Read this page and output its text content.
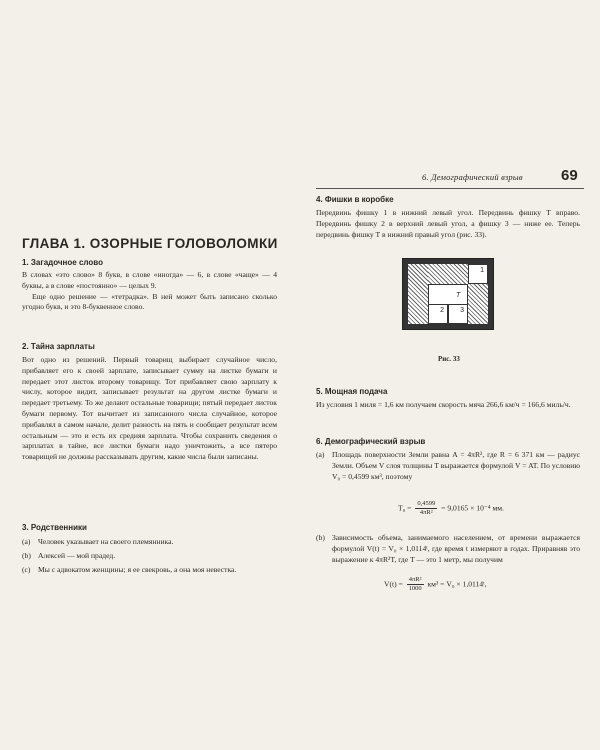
6. Демографический взрыв	69
ГЛАВА 1. ОЗОРНЫЕ ГОЛОВОЛОМКИ
1. Загадочное слово
В словах «это слово» 8 букв, в слове «иногда» — 6, в слове «чаще» — 4 буквы, а в слове «постоянно» — целых 9.
Еще одно решение — «тетрадка». В ней может быть записано сколько угодно букв, и это 8-буквенное слово.
2. Тайна зарплаты
Вот одно из решений. Первый товарищ выбирает случайное число, прибавляет его к своей зарплате, записывает сумму на листке бумаги и передает этот листок второму товарищу. Тот прибавляет свою зарплату к числу, которое видит, записывает результат на другом листке бумаги и передает третьему. То же делают остальные товарищи; пятый передает листок бумаги первому. Тот вычитает из записанного числа случайное, которое прибавлял в самом начале, делит разность на пять и сообщает результат всем остальным — это и есть их средняя зарплата. Чтобы сохранить сведения о зарплатах в тайне, все листки бумаги надо уничтожить, а все пятеро товарищей не должны рассказывать другим, какие числа были записаны.
3. Родственники
(a) Человек указывает на своего племянника.
(b) Алексей — мой прадед.
(c) Мы с адвокатом женщины; я ее свекровь, а она моя невестка.
4. Фишки в коробке
Передвинь фишку 1 в нижний левый угол. Передвинь фишку T вправо. Передвинь фишку 2 в верхний левый угол, а фишку 3 — ниже ее. Теперь передвинь фишку T в нижний правый угол (рис. 33).
1
T
2	3
Рис. 33
5. Мощная подача
Из условия 1 миля = 1,6 км получаем скорость мяча 266,6 км/ч = 166,6 миль/ч.
6. Демографический взрыв
(a) Площадь поверхности Земли равна A = 4πR², где R = 6 371 км — радиус Земли. Объем V слоя толщины T выражается формулой V = AT. По условию V₀ = 0,4599 км³, поэтому
$T_0 = \frac{0,4599}{\text{4πR²}} = 9,0165 \times 10^{-4}$ мм.
(b) Зависимость объема, занимаемого населением, от времени выражается формулой V(t) = V₀ × 1,0114ᵗ, где время t измеряют в годах. Приравняв это выражение к 4πR²T, где T — это 1 метр, мы получим
$V(t) = \frac{\text{4πR²}}{1000} км^3 = V_0$ × 1,0114ᵗ,
